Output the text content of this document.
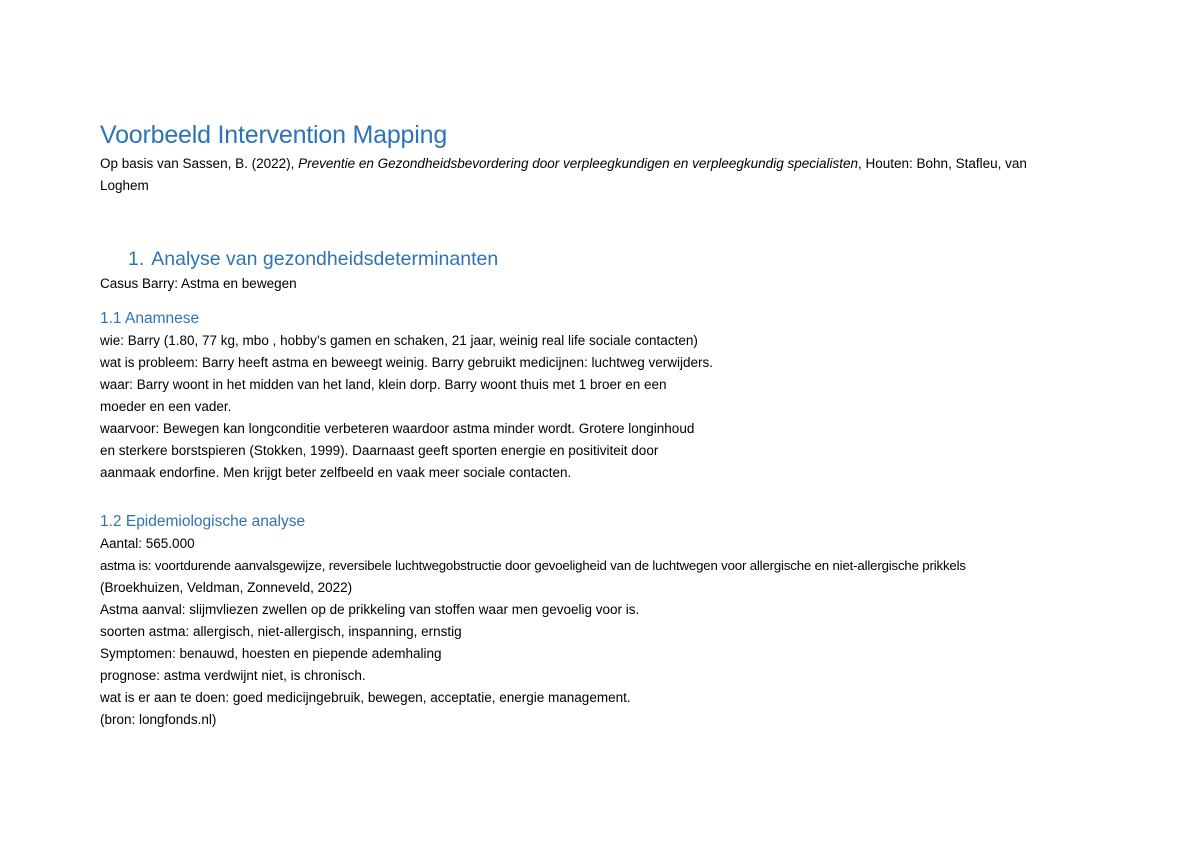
Voorbeeld Intervention Mapping

Op basis van Sassen, B. (2022), Preventie en Gezondheidsbevordering door verpleegkundigen en verpleegkundig specialisten, Houten: Bohn, Stafleu, van

Loghem

1. Analyse van gezondheidsdeterminanten

Casus Barry: Astma en bewegen

1.1 Anamnese

wie: Barry (1.80, 77 kg, mbo , hobby’s gamen en schaken, 21 jaar, weinig real life sociale contacten)

wat is probleem: Barry heeft astma en beweegt weinig. Barry gebruikt medicijnen: luchtweg verwijders.

waar: Barry woont in het midden van het land, klein dorp. Barry woont thuis met 1 broer en een

moeder en een vader.

waarvoor: Bewegen kan longconditie verbeteren waardoor astma minder wordt. Grotere longinhoud

en sterkere borstspieren (Stokken, 1999). Daarnaast geeft sporten energie en positiviteit door

aanmaak endorfine. Men krijgt beter zelfbeeld en vaak meer sociale contacten.

1.2 Epidemiologische analyse

Aantal: 565.000

astma is: voortdurende aanvalsgewijze, reversibele luchtwegobstructie door gevoeligheid van de luchtwegen voor allergische en niet-allergische prikkels

(Broekhuizen, Veldman, Zonneveld, 2022)

Astma aanval: slijmvliezen zwellen op de prikkeling van stoffen waar men gevoelig voor is.

soorten astma: allergisch, niet-allergisch, inspanning, ernstig

Symptomen: benauwd, hoesten en piepende ademhaling

prognose: astma verdwijnt niet, is chronisch.

wat is er aan te doen: goed medicijngebruik, bewegen, acceptatie, energie management.

(bron: longfonds.nl)
